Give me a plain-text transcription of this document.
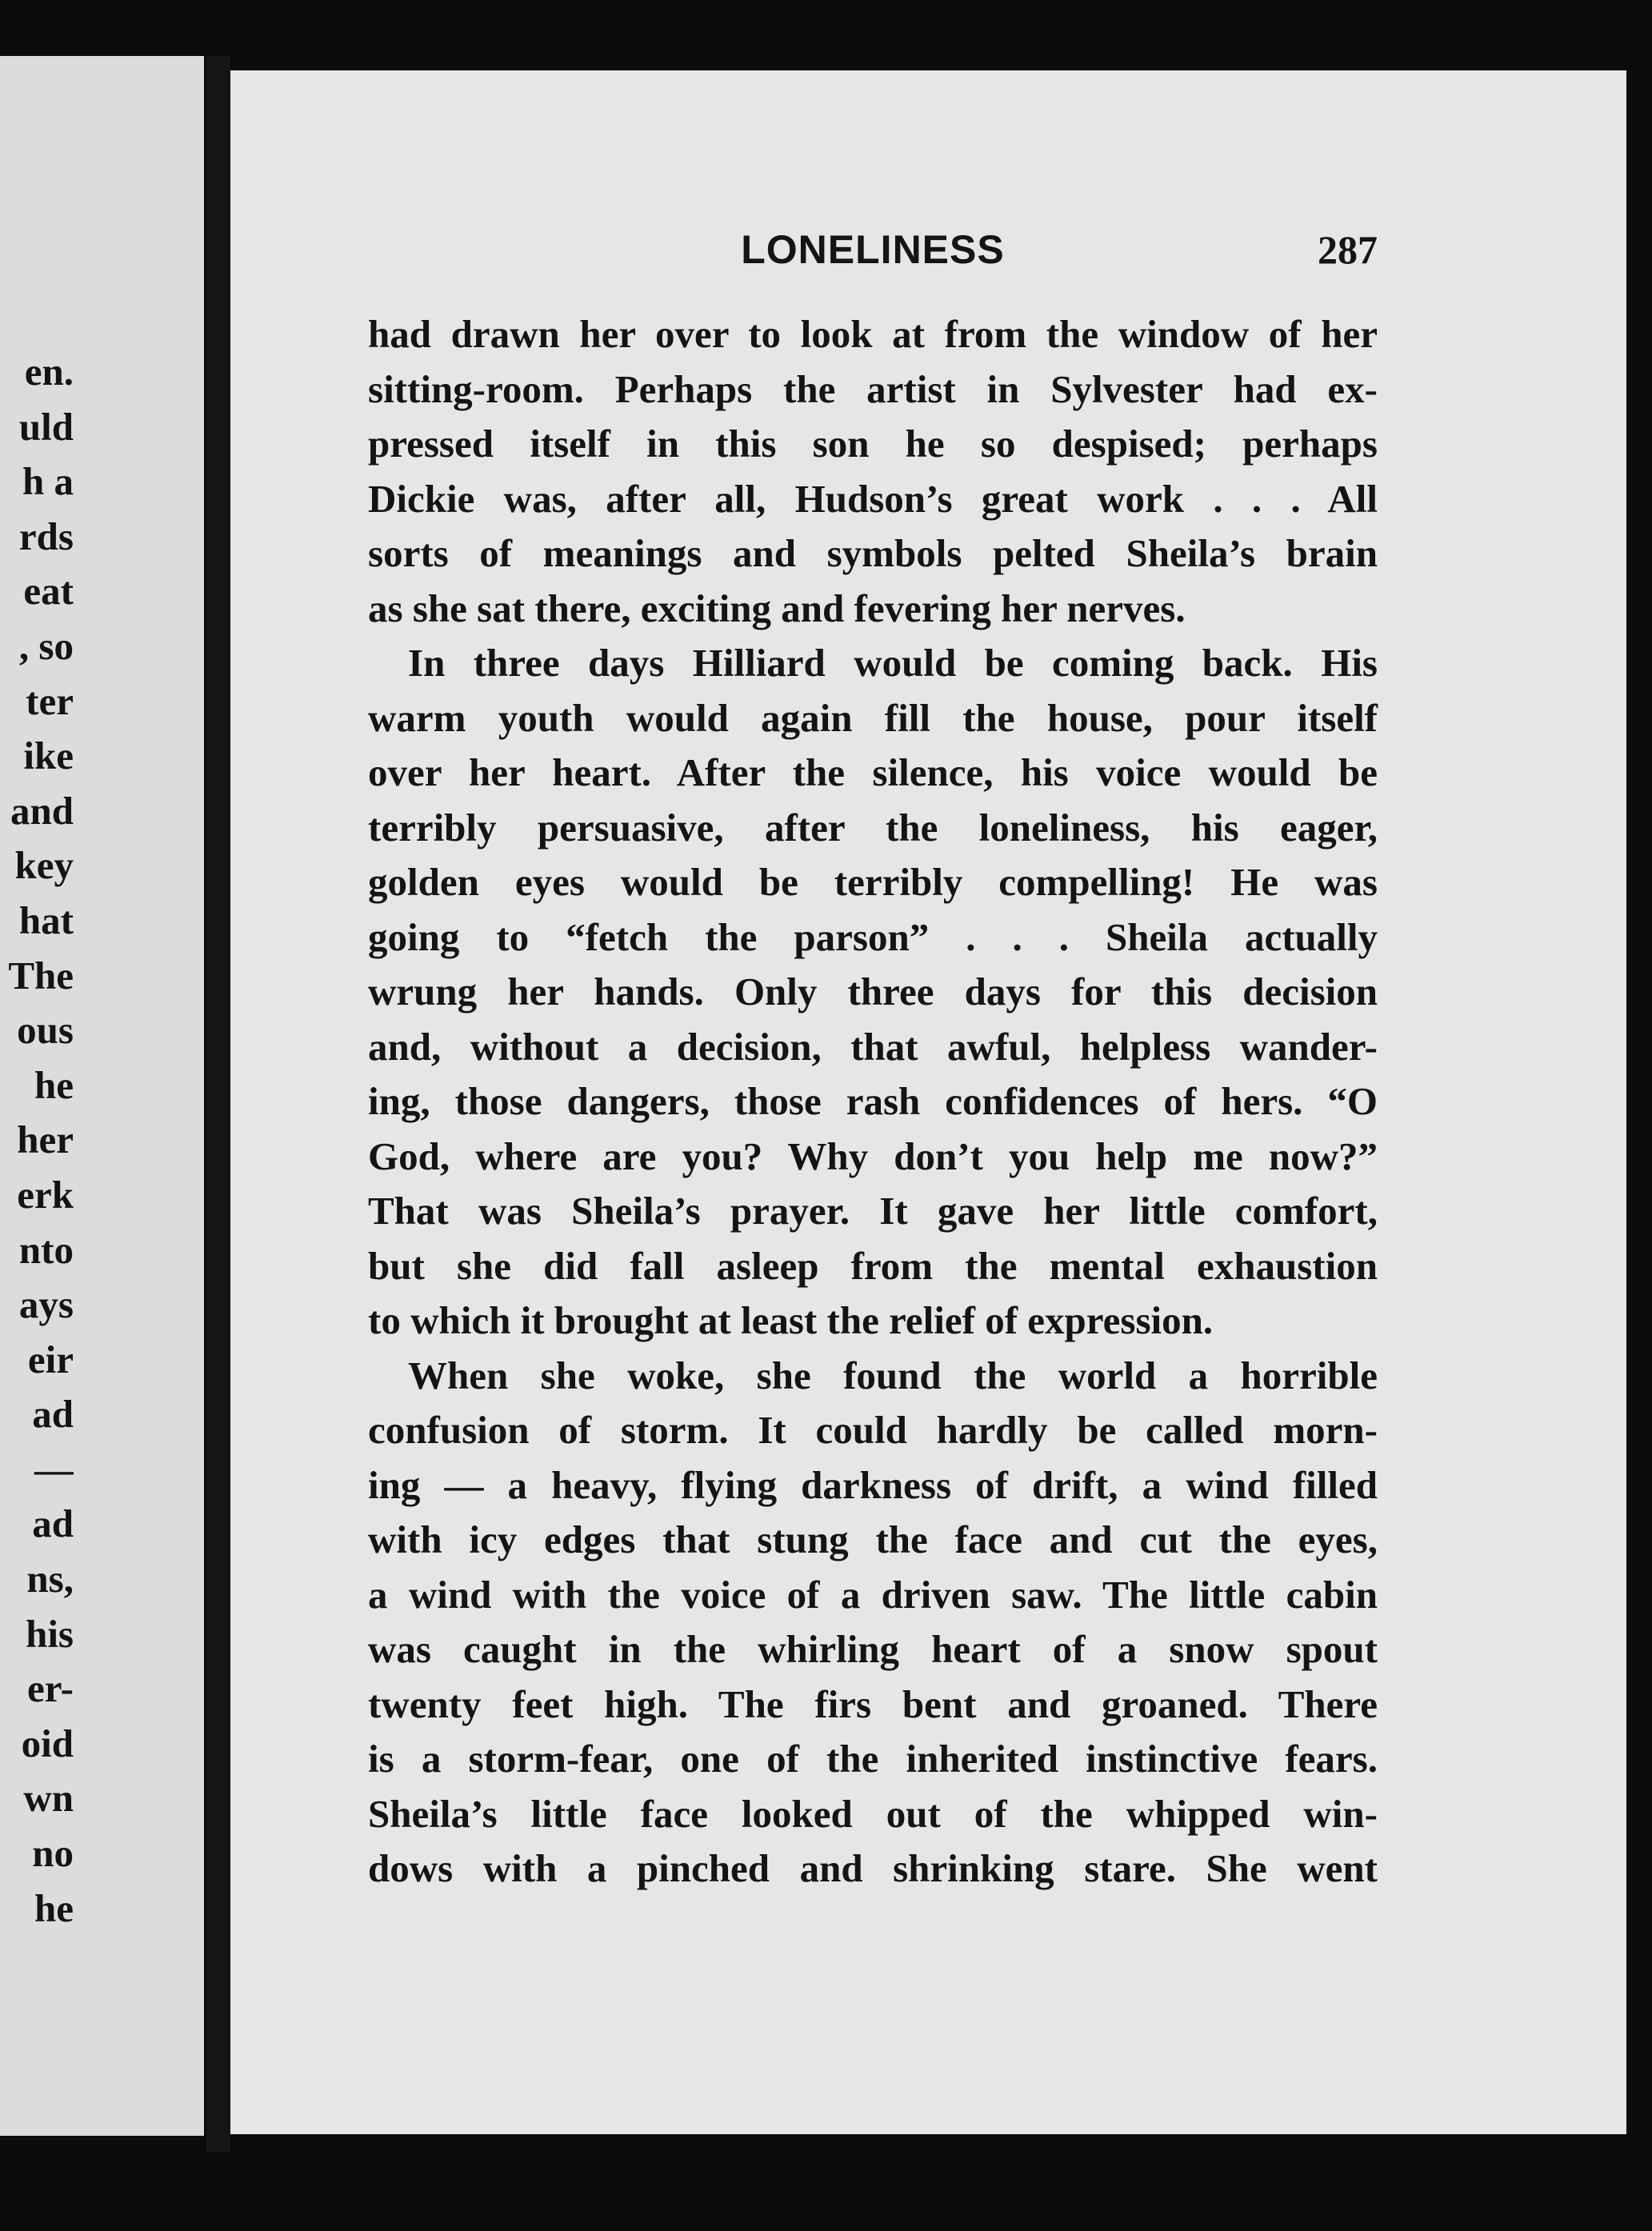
en.
uld
h a
rds
eat
, so
ter
ike
and
key
hat
The
ous
he
her
erk
nto
ays
eir
ad
—
ad
ns,
his
er-
oid
wn
no
he
LONELINESS	287
had drawn her over to look at from the window of her
sitting-room. Perhaps the artist in Sylvester had ex-
pressed itself in this son he so despised; perhaps
Dickie was, after all, Hudson’s great work . . . All
sorts of meanings and symbols pelted Sheila’s brain
as she sat there, exciting and fevering her nerves.
In three days Hilliard would be coming back. His
warm youth would again fill the house, pour itself
over her heart. After the silence, his voice would be
terribly persuasive, after the loneliness, his eager,
golden eyes would be terribly compelling! He was
going to “fetch the parson” . . . Sheila actually
wrung her hands. Only three days for this decision
and, without a decision, that awful, helpless wander-
ing, those dangers, those rash confidences of hers. “O
God, where are you? Why don’t you help me now?”
That was Sheila’s prayer. It gave her little comfort,
but she did fall asleep from the mental exhaustion
to which it brought at least the relief of expression.
When she woke, she found the world a horrible
confusion of storm. It could hardly be called morn-
ing — a heavy, flying darkness of drift, a wind filled
with icy edges that stung the face and cut the eyes,
a wind with the voice of a driven saw. The little cabin
was caught in the whirling heart of a snow spout
twenty feet high. The firs bent and groaned. There
is a storm-fear, one of the inherited instinctive fears.
Sheila’s little face looked out of the whipped win-
dows with a pinched and shrinking stare. She went
